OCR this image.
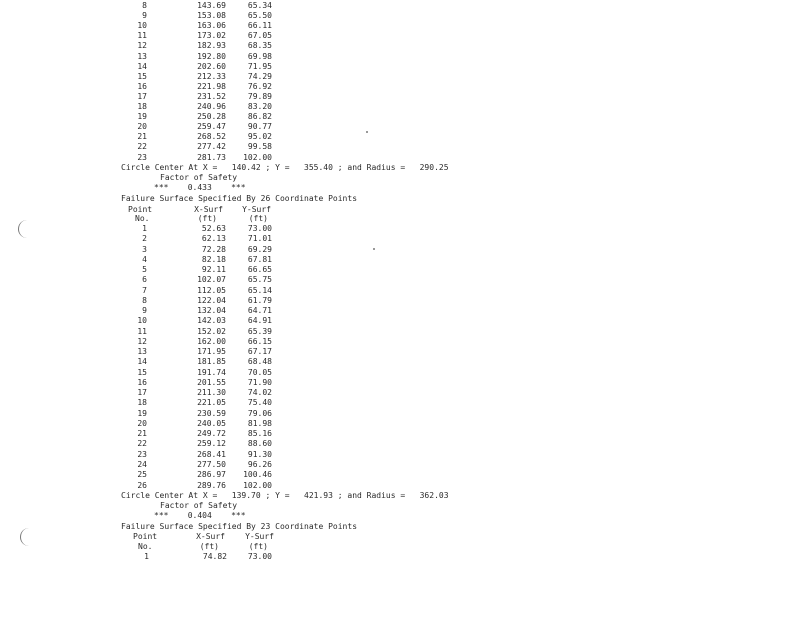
8	143.69	65.34
9	153.08	65.50
10	163.06	66.11
11	173.02	67.05
12	182.93	68.35
13	192.80	69.98
14	202.60	71.95
15	212.33	74.29
16	221.98	76.92
17	231.52	79.89
18	240.96	83.20
19	250.28	86.82
20	259.47	90.77
21	268.52	95.02
22	277.42	99.58
23	281.73	102.00
Circle Center At X =   140.42 ; Y =   355.40 ; and Radius =   290.25
Factor of Safety
***    0.433    ***
Failure Surface Specified By 26 Coordinate Points
Point	X-Surf	Y-Surf
No.	(ft)	(ft)
1	52.63	73.00
2	62.13	71.01
3	72.28	69.29
4	82.18	67.81
5	92.11	66.65
6	102.07	65.75
7	112.05	65.14
8	122.04	61.79
9	132.04	64.71
10	142.03	64.91
11	152.02	65.39
12	162.00	66.15
13	171.95	67.17
14	181.85	68.48
15	191.74	70.05
16	201.55	71.90
17	211.30	74.02
18	221.05	75.40
19	230.59	79.06
20	240.05	81.98
21	249.72	85.16
22	259.12	88.60
23	268.41	91.30
24	277.50	96.26
25	286.97	100.46
26	289.76	102.00
Circle Center At X =   139.70 ; Y =   421.93 ; and Radius =   362.03
Factor of Safety
***    0.404    ***
Failure Surface Specified By 23 Coordinate Points
Point	X-Surf	Y-Surf
No.	(ft)	(ft)
1	74.82	73.00
